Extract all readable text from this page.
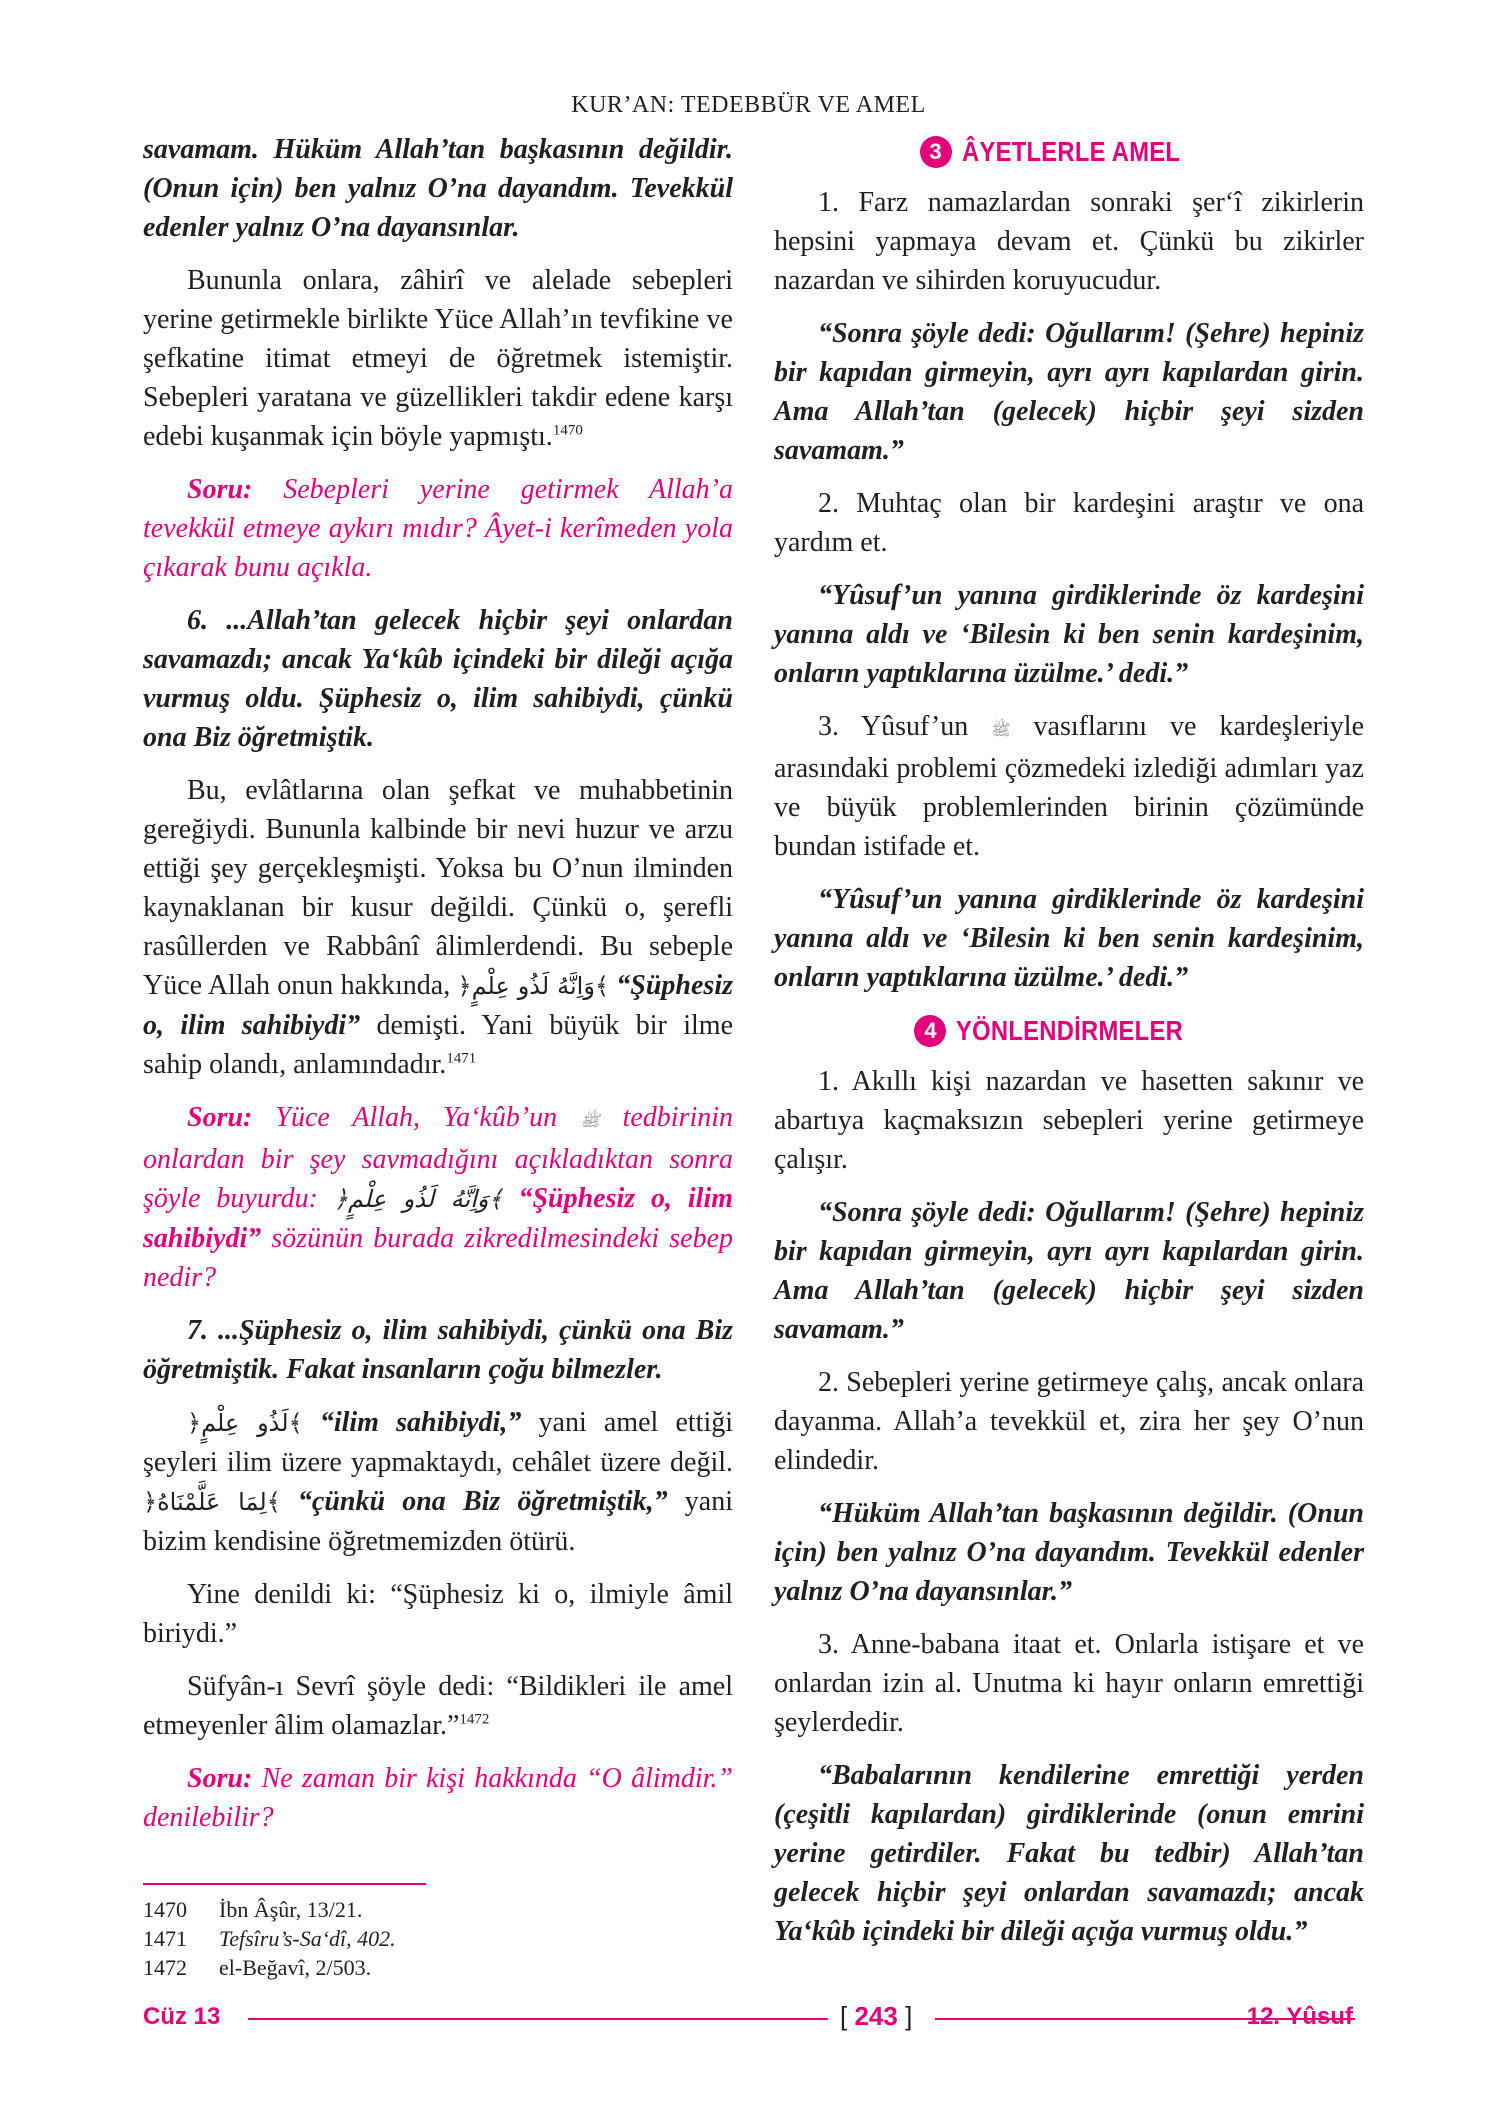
KUR’AN: TEDEBBÜR VE AMEL

savamam. Hüküm Allah’tan başkasının değildir. (Onun için) ben yalnız O’na dayandım. Tevekkül edenler yalnız O’na dayansınlar.

Bununla onlara, zâhirî ve alelade sebepleri yerine getirmekle birlikte Yüce Allah’ın tevfikine ve şefkatine itimat etmeyi de öğretmek istemiştir. Sebepleri yaratana ve güzellikleri takdir edene karşı edebi kuşanmak için böyle yapmıştı.$^{1470}$

Soru: Sebepleri yerine getirmek Allah’a tevekkül etmeye aykırı mıdır? Âyet-i kerîmeden yola çıkarak bunu açıkla.

6. ...Allah’tan gelecek hiçbir şeyi onlardan savamazdı; ancak Ya‘kûb içindeki bir dileği açığa vurmuş oldu. Şüphesiz o, ilim sahibiydi, çünkü ona Biz öğretmiştik.

Bu, evlâtlarına olan şefkat ve muhabbetinin gereğiydi. Bununla kalbinde bir nevi huzur ve arzu ettiği şey gerçekleşmişti. Yoksa bu O’nun ilminden kaynaklanan bir kusur değildi. Çünkü o, şerefli rasûllerden ve Rabbânî âlimlerdendi. Bu sebeple Yüce Allah onun hakkında, ﴿وَاِنَّهُ لَذُو عِلْمٍ﴾ “Şüphesiz o, ilim sahibiydi” demişti. Yani büyük bir ilme sahip olandı, anlamındadır.$^{1471}$

Soru: Yüce Allah, Ya‘kûb’un ﷺ tedbirinin onlardan bir şey savmadığını açıkladıktan sonra şöyle buyurdu: ﴿وَاِنَّهُ لَذُو عِلْمٍ﴾ “Şüphesiz o, ilim sahibiydi” sözünün burada zikredilmesindeki sebep nedir?

7. ...Şüphesiz o, ilim sahibiydi, çünkü ona Biz öğretmiştik. Fakat insanların çoğu bilmezler.

﴿لَذُو عِلْمٍ﴾ “ilim sahibiydi,” yani amel ettiği şeyleri ilim üzere yapmaktaydı, cehâlet üzere değil. ﴿لِمَا عَلَّمْنَاهُ﴾ “çünkü ona Biz öğretmiştik,” yani bizim kendisine öğretmemizden ötürü.

Yine denildi ki: “Şüphesiz ki o, ilmiyle âmil biriydi.”

Süfyân-ı Sevrî şöyle dedi: “Bildikleri ile amel etmeyenler âlim olamazlar.”$^{1472}$

Soru: Ne zaman bir kişi hakkında “O âlimdir.” denilebilir?

3 ÂYETLERLE AMEL

1. Farz namazlardan sonraki şer‘î zikirlerin hepsini yapmaya devam et. Çünkü bu zikirler nazardan ve sihirden koruyucudur.

“Sonra şöyle dedi: Oğullarım! (Şehre) hepiniz bir kapıdan girmeyin, ayrı ayrı kapılardan girin. Ama Allah’tan (gelecek) hiçbir şeyi sizden savamam.”

2. Muhtaç olan bir kardeşini araştır ve ona yardım et.

“Yûsuf’un yanına girdiklerinde öz kardeşini yanına aldı ve ‘Bilesin ki ben senin kardeşinim, onların yaptıklarına üzülme.’ dedi.”

3. Yûsuf’un ﷺ vasıflarını ve kardeşleriyle arasındaki problemi çözmedeki izlediği adımları yaz ve büyük problemlerinden birinin çözümünde bundan istifade et.

“Yûsuf’un yanına girdiklerinde öz kardeşini yanına aldı ve ‘Bilesin ki ben senin kardeşinim, onların yaptıklarına üzülme.’ dedi.”

4 YÖNLENDİRMELER

1. Akıllı kişi nazardan ve hasetten sakınır ve abartıya kaçmaksızın sebepleri yerine getirmeye çalışır.

“Sonra şöyle dedi: Oğullarım! (Şehre) hepiniz bir kapıdan girmeyin, ayrı ayrı kapılardan girin. Ama Allah’tan (gelecek) hiçbir şeyi sizden savamam.”

2. Sebepleri yerine getirmeye çalış, ancak onlara dayanma. Allah’a tevekkül et, zira her şey O’nun elindedir.

“Hüküm Allah’tan başkasının değildir. (Onun için) ben yalnız O’na dayandım. Tevekkül edenler yalnız O’na dayansınlar.”

3. Anne-babana itaat et. Onlarla istişare et ve onlardan izin al. Unutma ki hayır onların emrettiği şeylerdedir.

“Babalarının kendilerine emrettiği yerden (çeşitli kapılardan) girdiklerinde (onun emrini yerine getirdiler. Fakat bu tedbir) Allah’tan gelecek hiçbir şeyi onlardan savamazdı; ancak Ya‘kûb içindeki bir dileği açığa vurmuş oldu.”

1470	İbn Âşûr, 13/21.
1471	Tefsîru’s-Sa‘dî, 402.
1472	el-Beğavî, 2/503.
Cüz 13	[ 243 ]	12. Yûsuf
